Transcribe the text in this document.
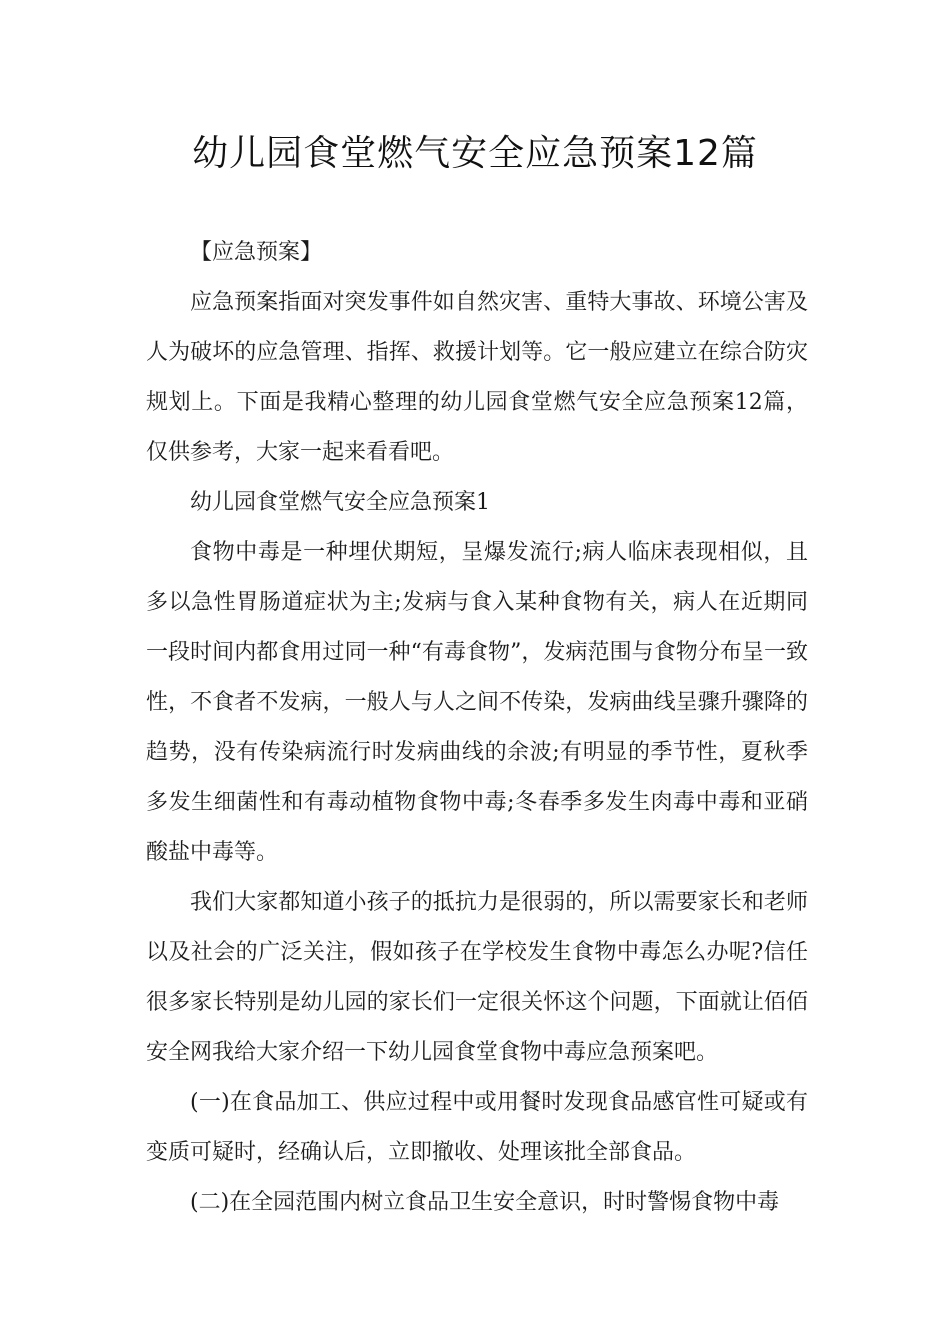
幼儿园食堂燃气安全应急预案12篇

【应急预案】

应急预案指面对突发事件如自然灾害、重特大事故、环境公害及人为破坏的应急管理、指挥、救援计划等。它一般应建立在综合防灾规划上。下面是我精心整理的幼儿园食堂燃气安全应急预案12篇，仅供参考，大家一起来看看吧。

幼儿园食堂燃气安全应急预案1

食物中毒是一种埋伏期短，呈爆发流行;病人临床表现相似，且多以急性胃肠道症状为主;发病与食入某种食物有关，病人在近期同一段时间内都食用过同一种“有毒食物”，发病范围与食物分布呈一致性，不食者不发病，一般人与人之间不传染，发病曲线呈骤升骤降的趋势，没有传染病流行时发病曲线的余波;有明显的季节性，夏秋季多发生细菌性和有毒动植物食物中毒;冬春季多发生肉毒中毒和亚硝酸盐中毒等。

我们大家都知道小孩子的抵抗力是很弱的，所以需要家长和老师以及社会的广泛关注，假如孩子在学校发生食物中毒怎么办呢?信任很多家长特别是幼儿园的家长们一定很关怀这个问题，下面就让佰佰安全网我给大家介绍一下幼儿园食堂食物中毒应急预案吧。

(一)在食品加工、供应过程中或用餐时发现食品感官性可疑或有变质可疑时，经确认后，立即撤收、处理该批全部食品。

(二)在全园范围内树立食品卫生安全意识，时时警惕食物中毒
